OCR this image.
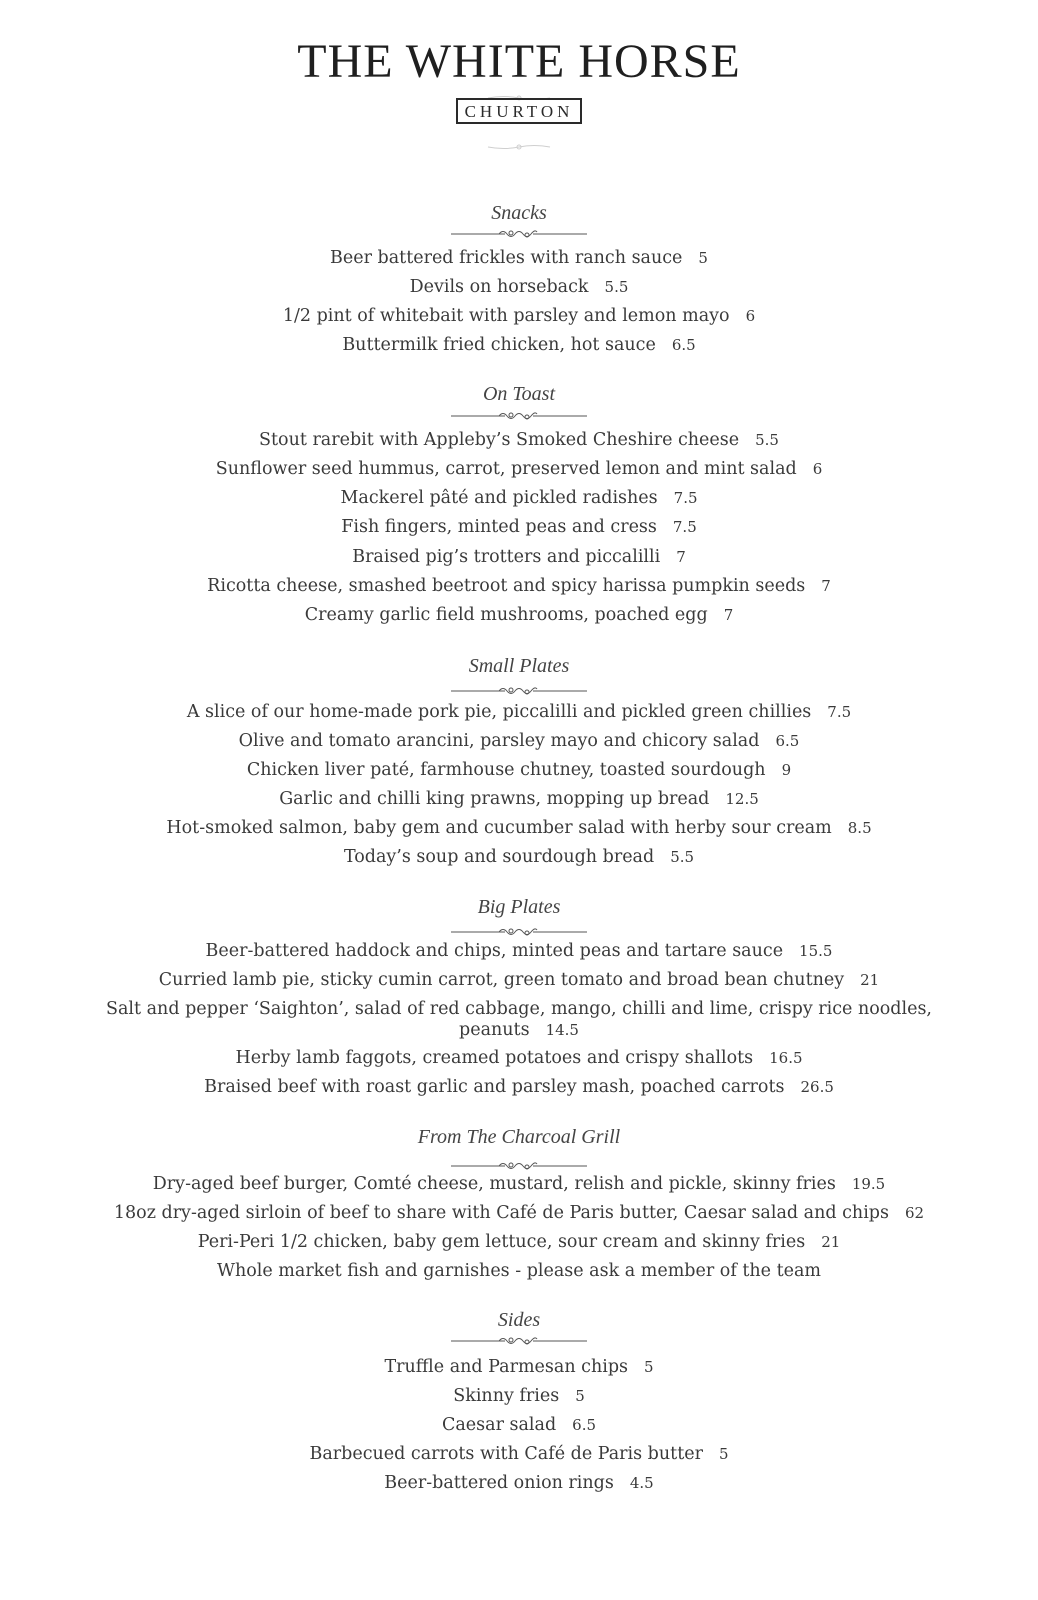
THE WHITE HORSE
CHURTON
Snacks
Beer battered frickles with ranch sauce 5
Devils on horseback 5.5
1/2 pint of whitebait with parsley and lemon mayo 6
Buttermilk fried chicken, hot sauce 6.5
On Toast
Stout rarebit with Appleby’s Smoked Cheshire cheese 5.5
Sunflower seed hummus, carrot, preserved lemon and mint salad 6
Mackerel pâté and pickled radishes 7.5
Fish fingers, minted peas and cress 7.5
Braised pig’s trotters and piccalilli 7
Ricotta cheese, smashed beetroot and spicy harissa pumpkin seeds 7
Creamy garlic field mushrooms, poached egg 7
Small Plates
A slice of our home-made pork pie, piccalilli and pickled green chillies 7.5
Olive and tomato arancini, parsley mayo and chicory salad 6.5
Chicken liver paté, farmhouse chutney, toasted sourdough 9
Garlic and chilli king prawns, mopping up bread 12.5
Hot-smoked salmon, baby gem and cucumber salad with herby sour cream 8.5
Today’s soup and sourdough bread 5.5
Big Plates
Beer-battered haddock and chips, minted peas and tartare sauce 15.5
Curried lamb pie, sticky cumin carrot, green tomato and broad bean chutney 21
Salt and pepper ‘Saighton’, salad of red cabbage, mango, chilli and lime, crispy rice noodles, peanuts 14.5
Herby lamb faggots, creamed potatoes and crispy shallots 16.5
Braised beef with roast garlic and parsley mash, poached carrots 26.5
From The Charcoal Grill
Dry-aged beef burger, Comté cheese, mustard, relish and pickle, skinny fries 19.5
18oz dry-aged sirloin of beef to share with Café de Paris butter, Caesar salad and chips 62
Peri-Peri 1/2 chicken, baby gem lettuce, sour cream and skinny fries 21
Whole market fish and garnishes - please ask a member of the team
Sides
Truffle and Parmesan chips 5
Skinny fries 5
Caesar salad 6.5
Barbecued carrots with Café de Paris butter 5
Beer-battered onion rings 4.5
